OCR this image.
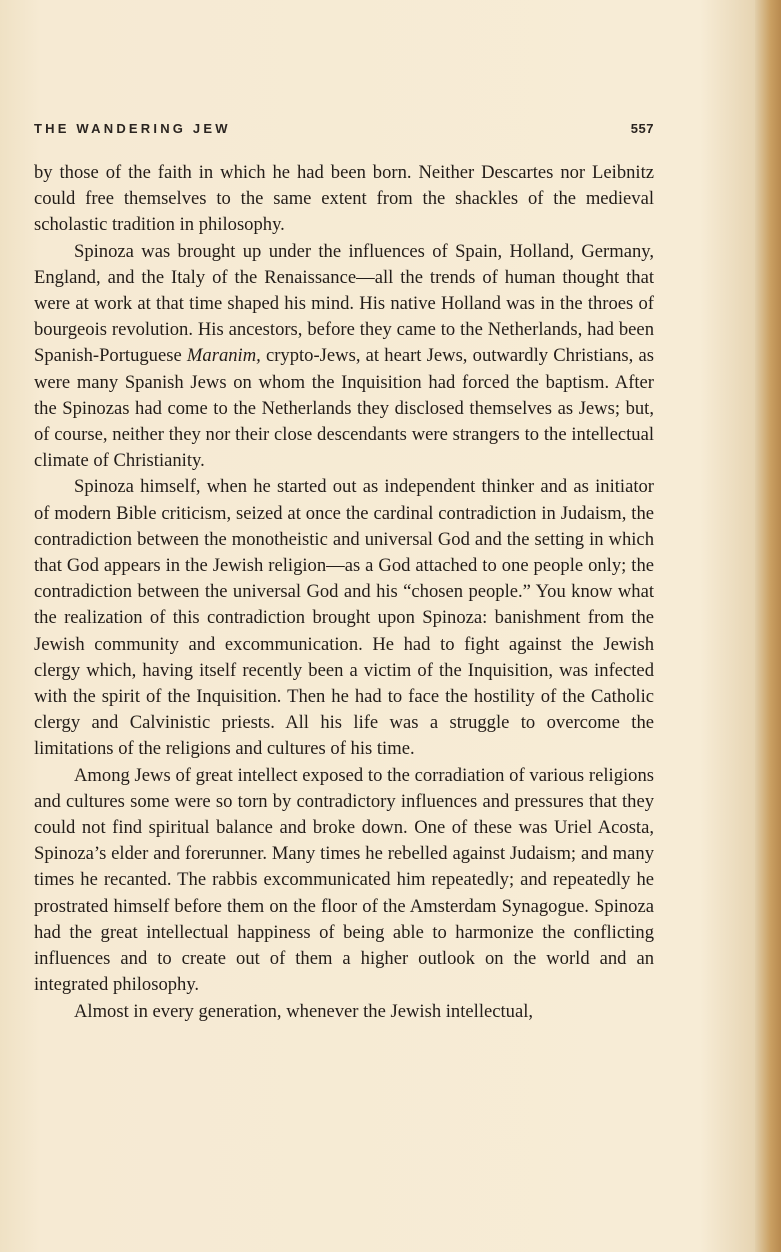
THE WANDERING JEW	557

by those of the faith in which he had been born. Neither Descartes nor Leibnitz could free themselves to the same extent from the shackles of the medieval scholastic tradition in philosophy.

Spinoza was brought up under the influences of Spain, Holland, Germany, England, and the Italy of the Renaissance—all the trends of human thought that were at work at that time shaped his mind. His native Holland was in the throes of bourgeois revolution. His ancestors, before they came to the Netherlands, had been Spanish-Portuguese Maranim, crypto-Jews, at heart Jews, outwardly Christians, as were many Spanish Jews on whom the Inquisition had forced the baptism. After the Spinozas had come to the Netherlands they disclosed themselves as Jews; but, of course, neither they nor their close descendants were strangers to the intellectual climate of Christianity.

Spinoza himself, when he started out as independent thinker and as initiator of modern Bible criticism, seized at once the cardinal contradiction in Judaism, the contradiction between the monotheistic and universal God and the setting in which that God appears in the Jewish religion—as a God attached to one people only; the contradiction between the universal God and his “chosen people.” You know what the realization of this contradiction brought upon Spinoza: banishment from the Jewish community and excommunication. He had to fight against the Jewish clergy which, having itself recently been a victim of the Inquisition, was infected with the spirit of the Inquisition. Then he had to face the hostility of the Catholic clergy and Calvinistic priests. All his life was a struggle to overcome the limitations of the religions and cultures of his time.

Among Jews of great intellect exposed to the corradiation of various religions and cultures some were so torn by contradictory influences and pressures that they could not find spiritual balance and broke down. One of these was Uriel Acosta, Spinoza’s elder and forerunner. Many times he rebelled against Judaism; and many times he recanted. The rabbis excommunicated him repeatedly; and repeatedly he prostrated himself before them on the floor of the Amsterdam Synagogue. Spinoza had the great intellectual happiness of being able to harmonize the conflicting influences and to create out of them a higher outlook on the world and an integrated philosophy.

Almost in every generation, whenever the Jewish intellectual,
